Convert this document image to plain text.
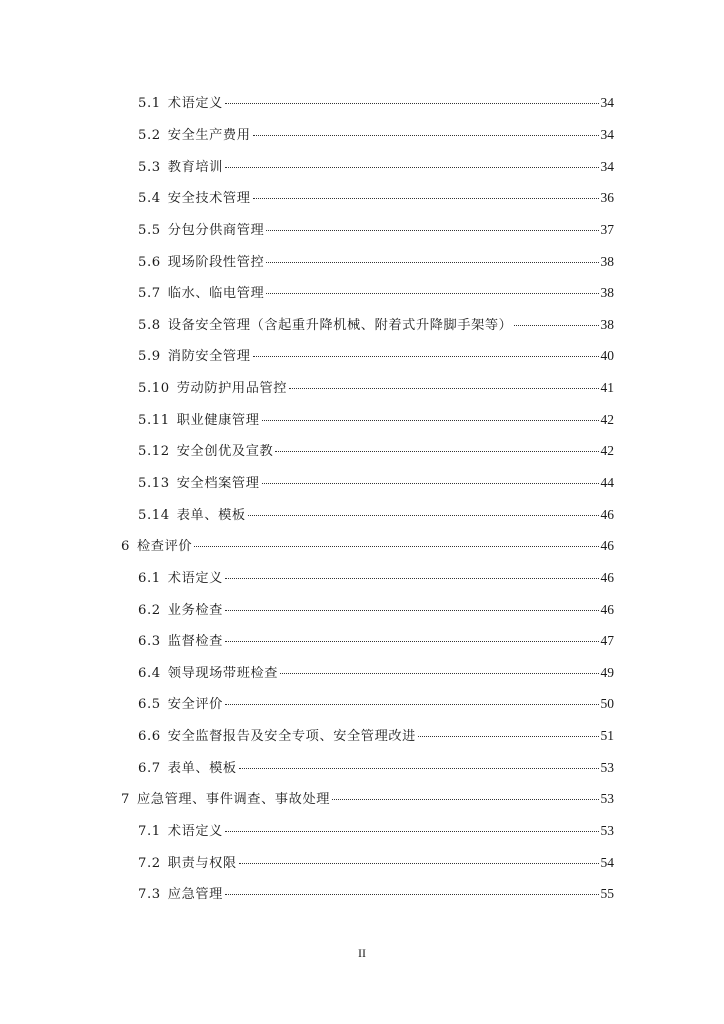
5.1 术语定义	34
5.2 安全生产费用	34
5.3 教育培训	34
5.4 安全技术管理	36
5.5 分包分供商管理	37
5.6 现场阶段性管控	38
5.7 临水、临电管理	38
5.8 设备安全管理（含起重升降机械、附着式升降脚手架等）	38
5.9 消防安全管理	40
5.10 劳动防护用品管控	41
5.11 职业健康管理	42
5.12 安全创优及宣教	42
5.13 安全档案管理	44
5.14 表单、模板	46
6 检查评价	46
6.1 术语定义	46
6.2 业务检查	46
6.3 监督检查	47
6.4 领导现场带班检查	49
6.5 安全评价	50
6.6 安全监督报告及安全专项、安全管理改进	51
6.7 表单、模板	53
7 应急管理、事件调查、事故处理	53
7.1 术语定义	53
7.2 职责与权限	54
7.3 应急管理	55
II
